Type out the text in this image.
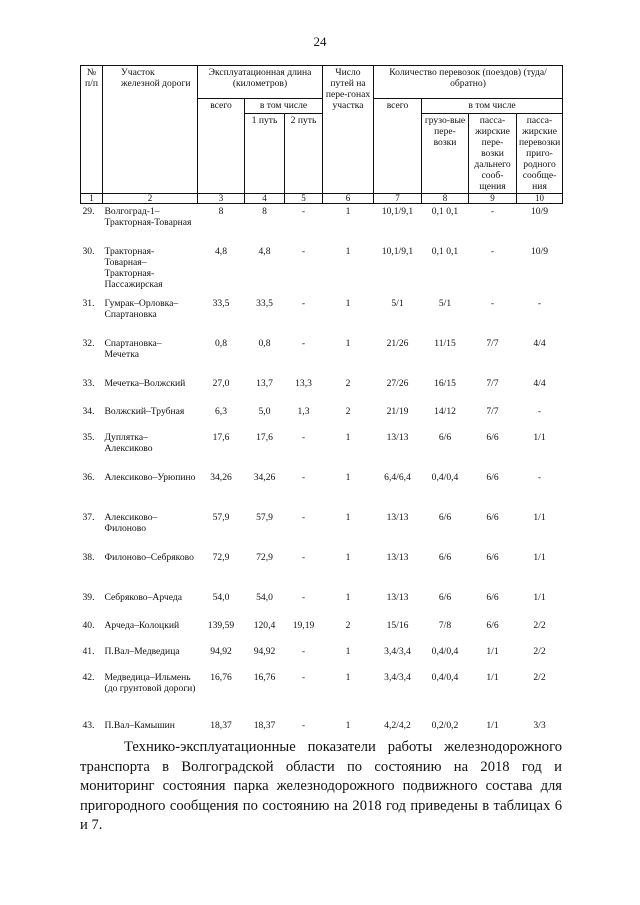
24
№ п/п	Участок железной дороги	Эксплуатационная длина (километров)			Число путей на пере-гонах участка	Количество перевозок (поездов) (туда/обратно)			
		всего	в том числе			всего	в том числе		
			1 путь	2 путь			грузо-вые пере-возки	пасса-жирские пере-возки дальнего сооб-щения	пасса-жирские перевозки приго-родного сообще-ния
1	2	3	4	5	6	7	8	9	10
29.	Волгоград-1–Тракторная-Товарная	8	8	-	1	10,1/9,1	0,1 0,1	-	10/9
30.	Тракторная-Товарная–Тракторная-Пассажирская	4,8	4,8	-	1	10,1/9,1	0,1 0,1	-	10/9
31.	Гумрак–Орловка–Спартановка	33,5	33,5	-	1	5/1	5/1	-	-
32.	Спартановка–Мечетка	0,8	0,8	-	1	21/26	11/15	7/7	4/4
33.	Мечетка–Волжский	27,0	13,7	13,3	2	27/26	16/15	7/7	4/4
34.	Волжский–Трубная	6,3	5,0	1,3	2	21/19	14/12	7/7	-
35.	Дуплятка–Алексиково	17,6	17,6	-	1	13/13	6/6	6/6	1/1
36.	Алексиково–Урюпино	34,26	34,26	-	1	6,4/6,4	0,4/0,4	6/6	-
37.	Алексиково–Филоново	57,9	57,9	-	1	13/13	6/6	6/6	1/1
38.	Филоново–Себряково	72,9	72,9	-	1	13/13	6/6	6/6	1/1
39.	Себряково–Арчеда	54,0	54,0	-	1	13/13	6/6	6/6	1/1
40.	Арчеда–Колоцкий	139,59	120,4	19,19	2	15/16	7/8	6/6	2/2
41.	П.Вал–Медведица	94,92	94,92	-	1	3,4/3,4	0,4/0,4	1/1	2/2
42.	Медведица–Ильмень (до грунтовой дороги)	16,76	16,76	-	1	3,4/3,4	0,4/0,4	1/1	2/2
43.	П.Вал–Камышин	18,37	18,37	-	1	4,2/4,2	0,2/0,2	1/1	3/3

Технико-эксплуатационные показатели работы железнодорожного транспорта в Волгоградской области по состоянию на 2018 год и мониторинг состояния парка железнодорожного подвижного состава для пригородного сообщения по состоянию на 2018 год приведены в таблицах 6 и 7.
